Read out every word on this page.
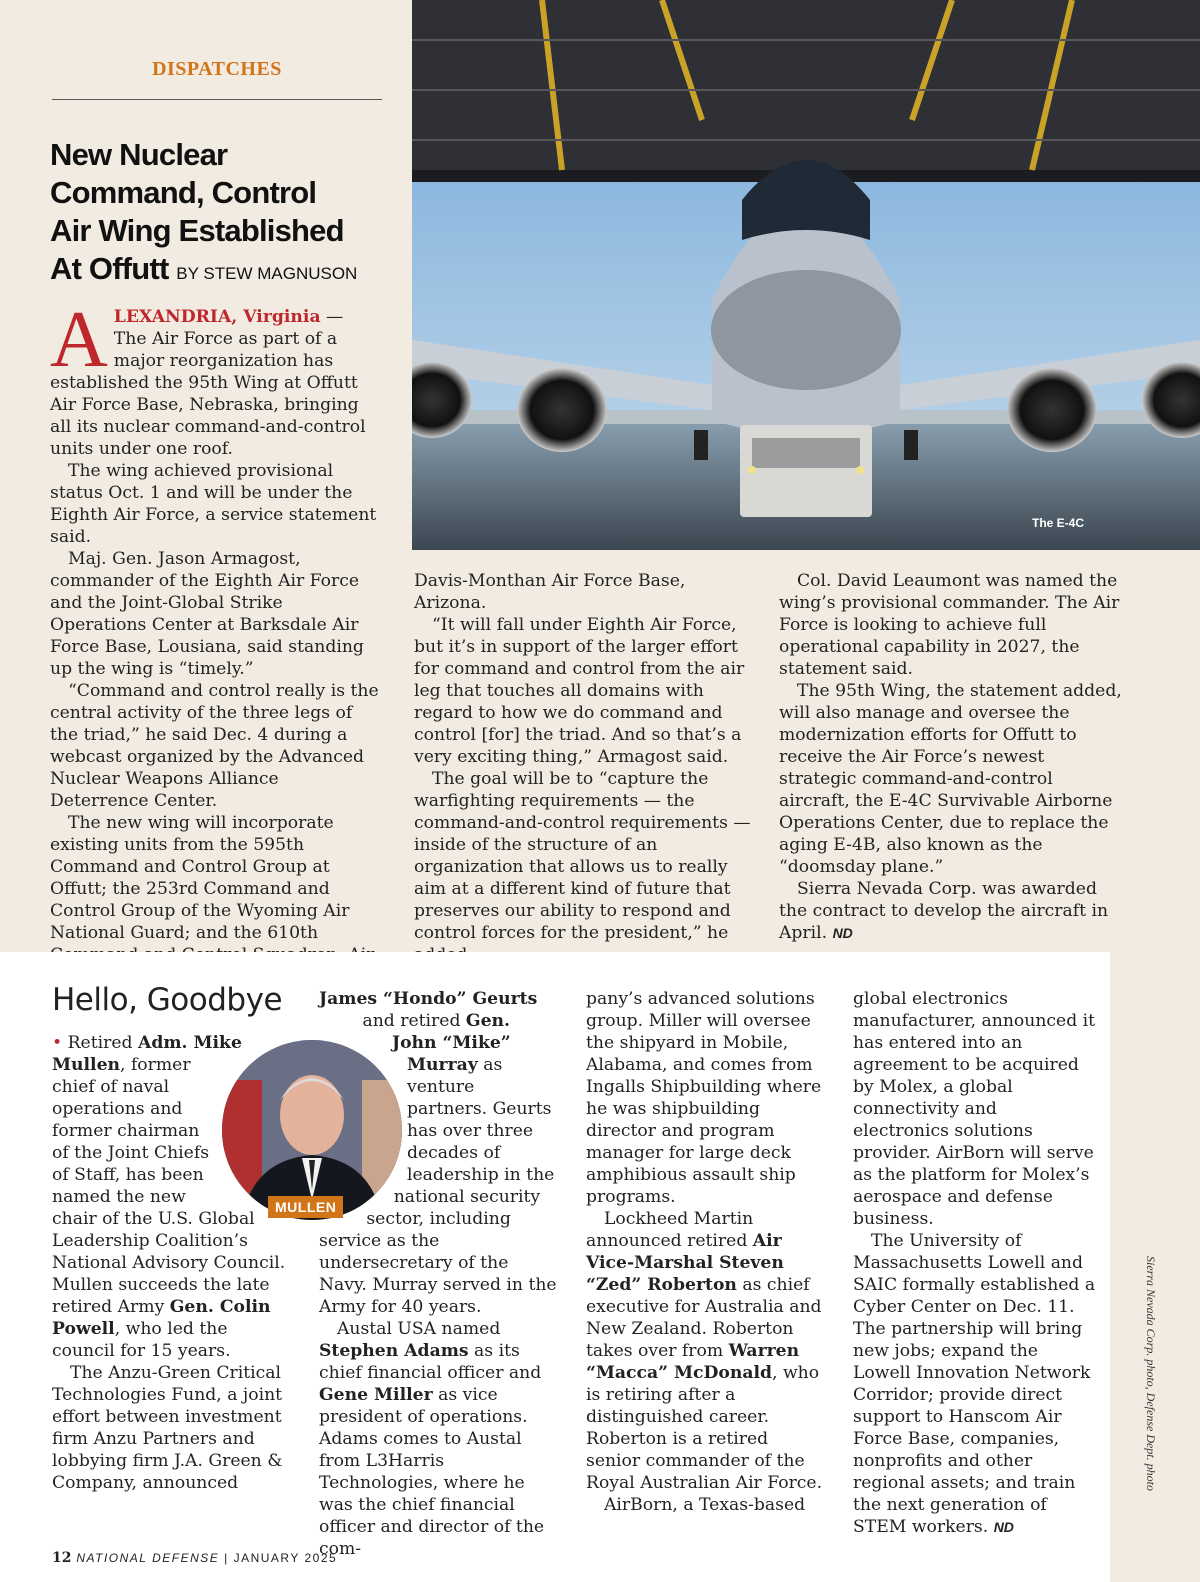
DISPATCHES
New Nuclear
Command, Control
Air Wing Established
At Offutt BY STEW MAGNUSON

ALEXANDRIA, Virginia — The Air Force as part of a major reorganization has established the 95th Wing at Offutt Air Force Base, Nebraska, bringing all its nuclear command-and-control units under one roof.

The wing achieved provisional status Oct. 1 and will be under the Eighth Air Force, a service statement said.

Maj. Gen. Jason Armagost, commander of the Eighth Air Force and the Joint-Global Strike Operations Center at Barksdale Air Force Base, Lousiana, said standing up the wing is “timely.”

“Command and control really is the central activity of the three legs of the triad,” he said Dec. 4 during a webcast organized by the Advanced Nuclear Weapons Alliance Deterrence Center.

The new wing will incorporate existing units from the 595th Command and Control Group at Offutt; the 253rd Command and Control Group of the Wyoming Air National Guard; and the 610th

The E-4C

Davis-Monthan Air Force Base, Arizona.

“It will fall under Eighth Air Force, but it’s in support of the larger effort for command and control from the air leg that touches all domains with regard to how we do command and control [for] the triad. And so that’s a very exciting thing,” Armagost said.

The goal will be to “capture the warfighting requirements — the command-and-control requirements — inside of the structure of an organization that allows us to really aim at a different kind of future that preserves our ability to respond and control forces for the president,” he

Col. David Leaumont was named the wing’s provisional commander. The Air Force is looking to achieve full operational capability in 2027, the statement said.

The 95th Wing, the statement added, will also manage and oversee the modernization efforts for Offutt to receive the Air Force’s newest strategic command-and-control aircraft, the E-4C Survivable Airborne Operations Center, due to replace the aging E-4B, also known as the “doomsday plane.”

Sierra Nevada Corp. was awarded the contract to develop the aircraft in April. ND

Hello, Goodbye
MULLEN

• Retired Adm. Mike Mullen, former chief of naval operations and former chairman of the Joint Chiefs of Staff, has been named the new chair of the U.S. Global Leadership Coalition’s National Advisory Council. Mullen succeeds the late retired Army Gen. Colin Powell, who led the council for 15 years.

The Anzu-Green Critical Technologies Fund, a joint effort between investment firm Anzu Partners and lobbying firm J.A. Green & Company, announced

James “Hondo” Geurts and retired Gen. John “Mike” Murray as venture partners. Geurts has over three decades of leadership in the national security sector, including service as the undersecretary of the Navy. Murray served in the Army for 40 years.

Austal USA named Stephen Adams as its chief financial officer and Gene Miller as vice president of operations. Adams comes to Austal from L3Harris Technologies, where he was the chief financial officer and director of the com-

pany’s advanced solutions group. Miller will oversee the shipyard in Mobile, Alabama, and comes from Ingalls Shipbuilding where he was shipbuilding director and program manager for large deck amphibious assault ship programs.

Lockheed Martin announced retired Air Vice-Marshal Steven “Zed” Roberton as chief executive for Australia and New Zealand. Roberton takes over from Warren “Macca” McDonald, who is retiring after a distinguished career. Roberton is a retired senior commander of the Royal Australian Air Force.

AirBorn, a Texas-based

global electronics manufacturer, announced it has entered into an agreement to be acquired by Molex, a global connectivity and electronics solutions provider. AirBorn will serve as the platform for Molex’s aerospace and defense business.

The University of Massachusetts Lowell and SAIC formally established a Cyber Center on Dec. 11. The partnership will bring new jobs; expand the Lowell Innovation Network Corridor; provide direct support to Hanscom Air Force Base, companies, nonprofits and other regional assets; and train the next generation of STEM workers. ND

Sierra Nevada Corp. photo, Defense Dept. photo
12 NATIONAL DEFENSE | JANUARY 2025
